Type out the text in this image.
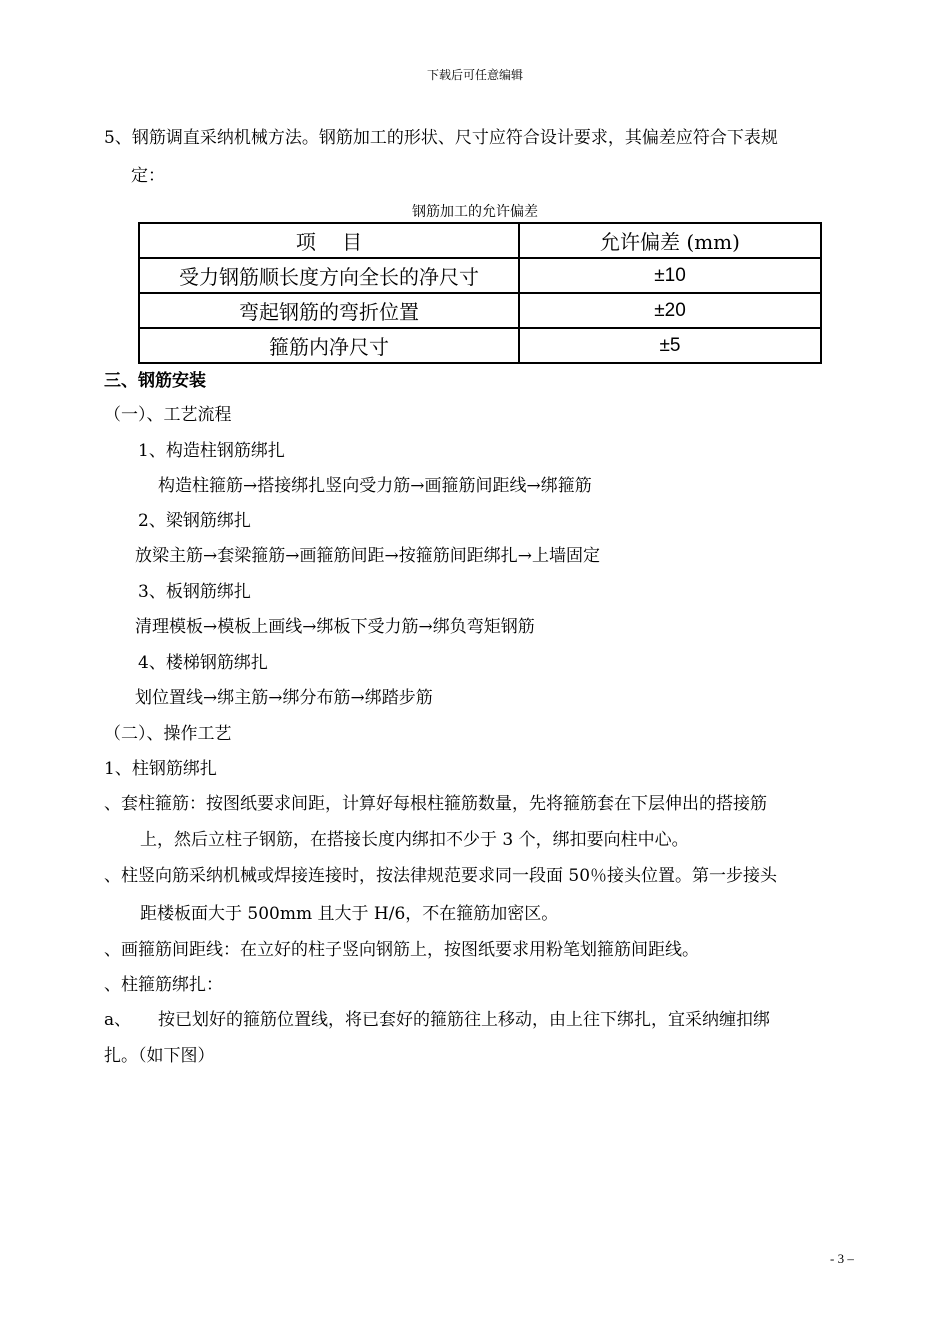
下载后可任意编辑
5、钢筋调直采纳机械方法。钢筋加工的形状、尺寸应符合设计要求，其偏差应符合下表规
定：
钢筋加工的允许偏差
项　 目	允许偏差 (mm)
受力钢筋顺长度方向全长的净尺寸	±10
弯起钢筋的弯折位置	±20
箍筋内净尺寸	±5
三、钢筋安装
（一）、工艺流程
1、构造柱钢筋绑扎
构造柱箍筋→搭接绑扎竖向受力筋→画箍筋间距线→绑箍筋
2、梁钢筋绑扎
放梁主筋→套梁箍筋→画箍筋间距→按箍筋间距绑扎→上墙固定
3、板钢筋绑扎
清理模板→模板上画线→绑板下受力筋→绑负弯矩钢筋
4、楼梯钢筋绑扎
划位置线→绑主筋→绑分布筋→绑踏步筋
（二）、操作工艺
1、柱钢筋绑扎
、套柱箍筋：按图纸要求间距，计算好每根柱箍筋数量，先将箍筋套在下层伸出的搭接筋
上，然后立柱子钢筋，在搭接长度内绑扣不少于 3 个，绑扣要向柱中心。
、柱竖向筋采纳机械或焊接连接时，按法律规范要求同一段面 50％接头位置。第一步接头
距楼板面大于 500mm 且大于 H/6，不在箍筋加密区。
、画箍筋间距线：在立好的柱子竖向钢筋上，按图纸要求用粉笔划箍筋间距线。
、柱箍筋绑扎：
a、 按已划好的箍筋位置线，将已套好的箍筋往上移动，由上往下绑扎，宜采纳缠扣绑
扎。（如下图）
- 3 –
